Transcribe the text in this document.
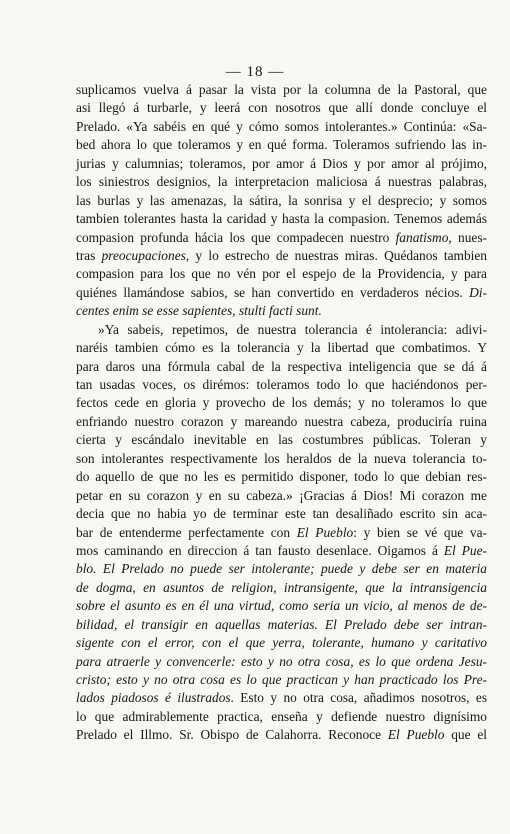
— 18 —
suplicamos vuelva á pasar la vista por la columna de la Pastoral, que
asi llegó á turbarle, y leerá con nosotros que allí donde concluye el
Prelado. «Ya sabéis en qué y cómo somos intolerantes.» Continúa: «Sa-
bed ahora lo que toleramos y en qué forma. Toleramos sufriendo las in-
jurias y calumnias; toleramos, por amor á Dios y por amor al prójimo,
los siniestros designios, la interpretacion maliciosa á nuestras palabras,
las burlas y las amenazas, la sátira, la sonrisa y el desprecio; y somos
tambien tolerantes hasta la caridad y hasta la compasion. Tenemos además
compasion profunda hácia los que compadecen nuestro fanatismo, nues-
tras preocupaciones, y lo estrecho de nuestras miras. Quédanos tambien
compasion para los que no vén por el espejo de la Providencia, y para
quiénes llamándose sabios, se han convertido en verdaderos nécios. Di-
centes enim se esse sapientes, stulti facti sunt.
»Ya sabeis, repetimos, de nuestra tolerancia é intolerancia: adivi-
naréis tambien cómo es la tolerancia y la libertad que combatimos. Y
para daros una fórmula cabal de la respectiva inteligencia que se dá á
tan usadas voces, os dirémos: toleramos todo lo que haciéndonos per-
fectos cede en gloria y provecho de los demás; y no toleramos lo que
enfriando nuestro corazon y mareando nuestra cabeza, produciría ruina
cierta y escándalo inevitable en las costumbres públicas. Toleran y
son intolerantes respectivamente los heraldos de la nueva tolerancia to-
do aquello de que no les es permitido disponer, todo lo que debian res-
petar en su corazon y en su cabeza.» ¡Gracias á Dios! Mi corazon me
decia que no habia yo de terminar este tan desaliñado escrito sin aca-
bar de entenderme perfectamente con El Pueblo: y bien se vé que va-
mos caminando en direccion á tan fausto desenlace. Oigamos á El Pue-
blo. El Prelado no puede ser intolerante; puede y debe ser en materia
de dogma, en asuntos de religion, intransigente, que la intransigencia
sobre el asunto es en él una virtud, como seria un vicio, al menos de de-
bilidad, el transigir en aquellas materias. El Prelado debe ser intran-
sigente con el error, con el que yerra, tolerante, humano y caritativo
para atraerle y convencerle: esto y no otra cosa, es lo que ordena Jesu-
cristo; esto y no otra cosa es lo que practican y han practicado los Pre-
lados piadosos é ilustrados. Esto y no otra cosa, añadimos nosotros, es
lo que admirablemente practica, enseña y defiende nuestro dignísimo
Prelado el Illmo. Sr. Obispo de Calahorra. Reconoce El Pueblo que el
